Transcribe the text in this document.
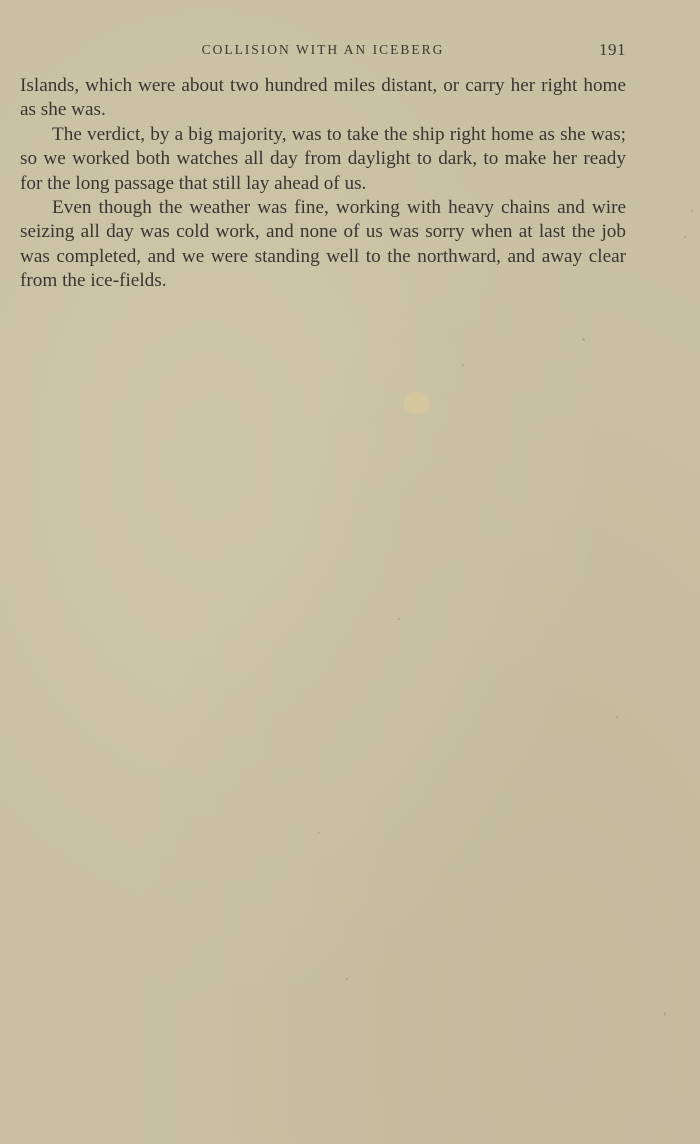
COLLISION WITH AN ICEBERG	191

Islands, which were about two hundred miles distant, or carry her right home as she was.

The verdict, by a big majority, was to take the ship right home as she was; so we worked both watches all day from daylight to dark, to make her ready for the long passage that still lay ahead of us.

Even though the weather was fine, working with heavy chains and wire seizing all day was cold work, and none of us was sorry when at last the job was completed, and we were standing well to the northward, and away clear from the ice-fields.
